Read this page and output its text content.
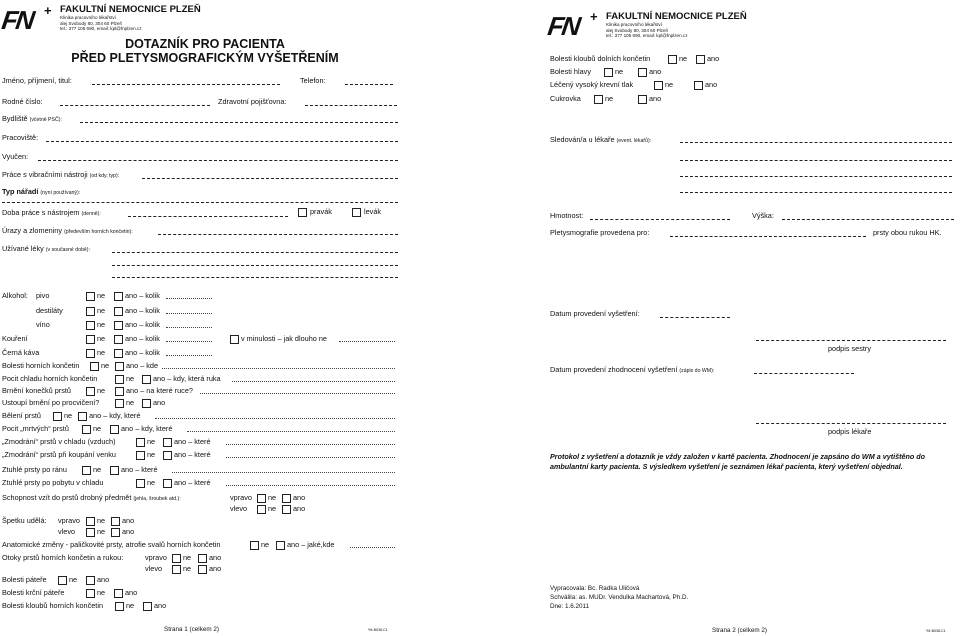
FN + FAKULTNÍ NEMOCNICE PLZEŇ
Klinika pracovního lékařství
alej Svobody 80, 304 60 Plzeň
tel.: 377 105 690, email: kpl@fnplzen.cz
DOTAZNÍK PRO PACIENTA
PŘED PLETYSMOGRAFICKÝM VYŠETŘENÍM
Jméno, příjmení, titul:	Telefon:
Rodné číslo:	Zdravotní pojišťovna:
Bydliště (včetně PSČ):
Pracoviště:
Vyučen:
Práce s vibračními nástroji (od kdy, typ):
Typ nářadí (nyní používaný):
Doba práce s nástrojem (denně):	pravák	levák
Úrazy a zlomeniny (především horních končetin):
Užívané léky (v současné době):
Alkohol: pivo	ne	ano – kolik
destiláty	ne	ano – kolik
víno	ne	ano – kolik
Kouření	ne	ano – kolik	v minulosti – jak dlouho ne
Černá káva	ne	ano – kolik
Bolesti horních končetin	ne ano – kde
Pocit chladu horních končetin	ne	ano – kdy, která ruka
Brnění konečků prstů	ne	ano – na které ruce?
Ustoupí brnění po procvičení?	ne	ano
Bělení prstů	ne ano – kdy, které
Pocit „mrtvých“ prstů	ne	ano – kdy, které
„Zmodrání“ prstů v chladu (vzduch)	ne	ano – které
„Zmodrání“ prstů při koupání venku	ne	ano – které
Ztuhlé prsty po ránu	ne	ano – které
Ztuhlé prsty po pobytu v chladu	ne	ano – které
Schopnost vzít do prstů drobný předmět (jehla, šroubek atd.):	vpravo ne ano
vlevo	ne ano
Špetku udělá: vpravo ne ano
vlevo	ne ano
Anatomické změny - paličkovité prsty, atrofie svalů horních končetin	ne ano – jaké,kde
Otoky prstů horních končetin a rukou:	vpravo ne ano
vlevo	ne ano
Bolesti páteře	ne	ano
Bolesti krční páteře	ne	ano
Bolesti kloubů horních končetin	ne	ano
Strana 1 (celkem 2)	*M-B038-C1
FN + FAKULTNÍ NEMOCNICE PLZEŇ
Klinika pracovního lékařství
alej Svobody 80, 304 60 Plzeň
tel.: 377 105 690, email: kpl@fnplzen.cz
Bolesti kloubů dolních končetin	ne	ano
Bolesti hlavy	ne	ano
Léčený vysoký krevní tlak	ne	ano
Cukrovka	ne	ano
Sledován/a u lékaře (event. lékařů):
Hmotnost:	Výška:
Pletysmografie provedena pro:	prsty obou rukou HK.
Datum provedení vyšetření:
podpis sestry
Datum provedení zhodnocení vyšetření (zápis do WM):
podpis lékaře
Protokol z vyšetření a dotazník je vždy založen v kartě pacienta. Zhodnocení je zapsáno do WM a vytištěno do ambulantní karty pacienta. S výsledkem vyšetření je seznámen lékař pacienta, který vyšetření objednal.
Vypracovala: Bc. Radka Uličová
Schválila: as. MUDr. Vendulka Machartová, Ph.D.
Dne: 1.6.2011
Strana 2 (celkem 2)	*M-B038-C1
